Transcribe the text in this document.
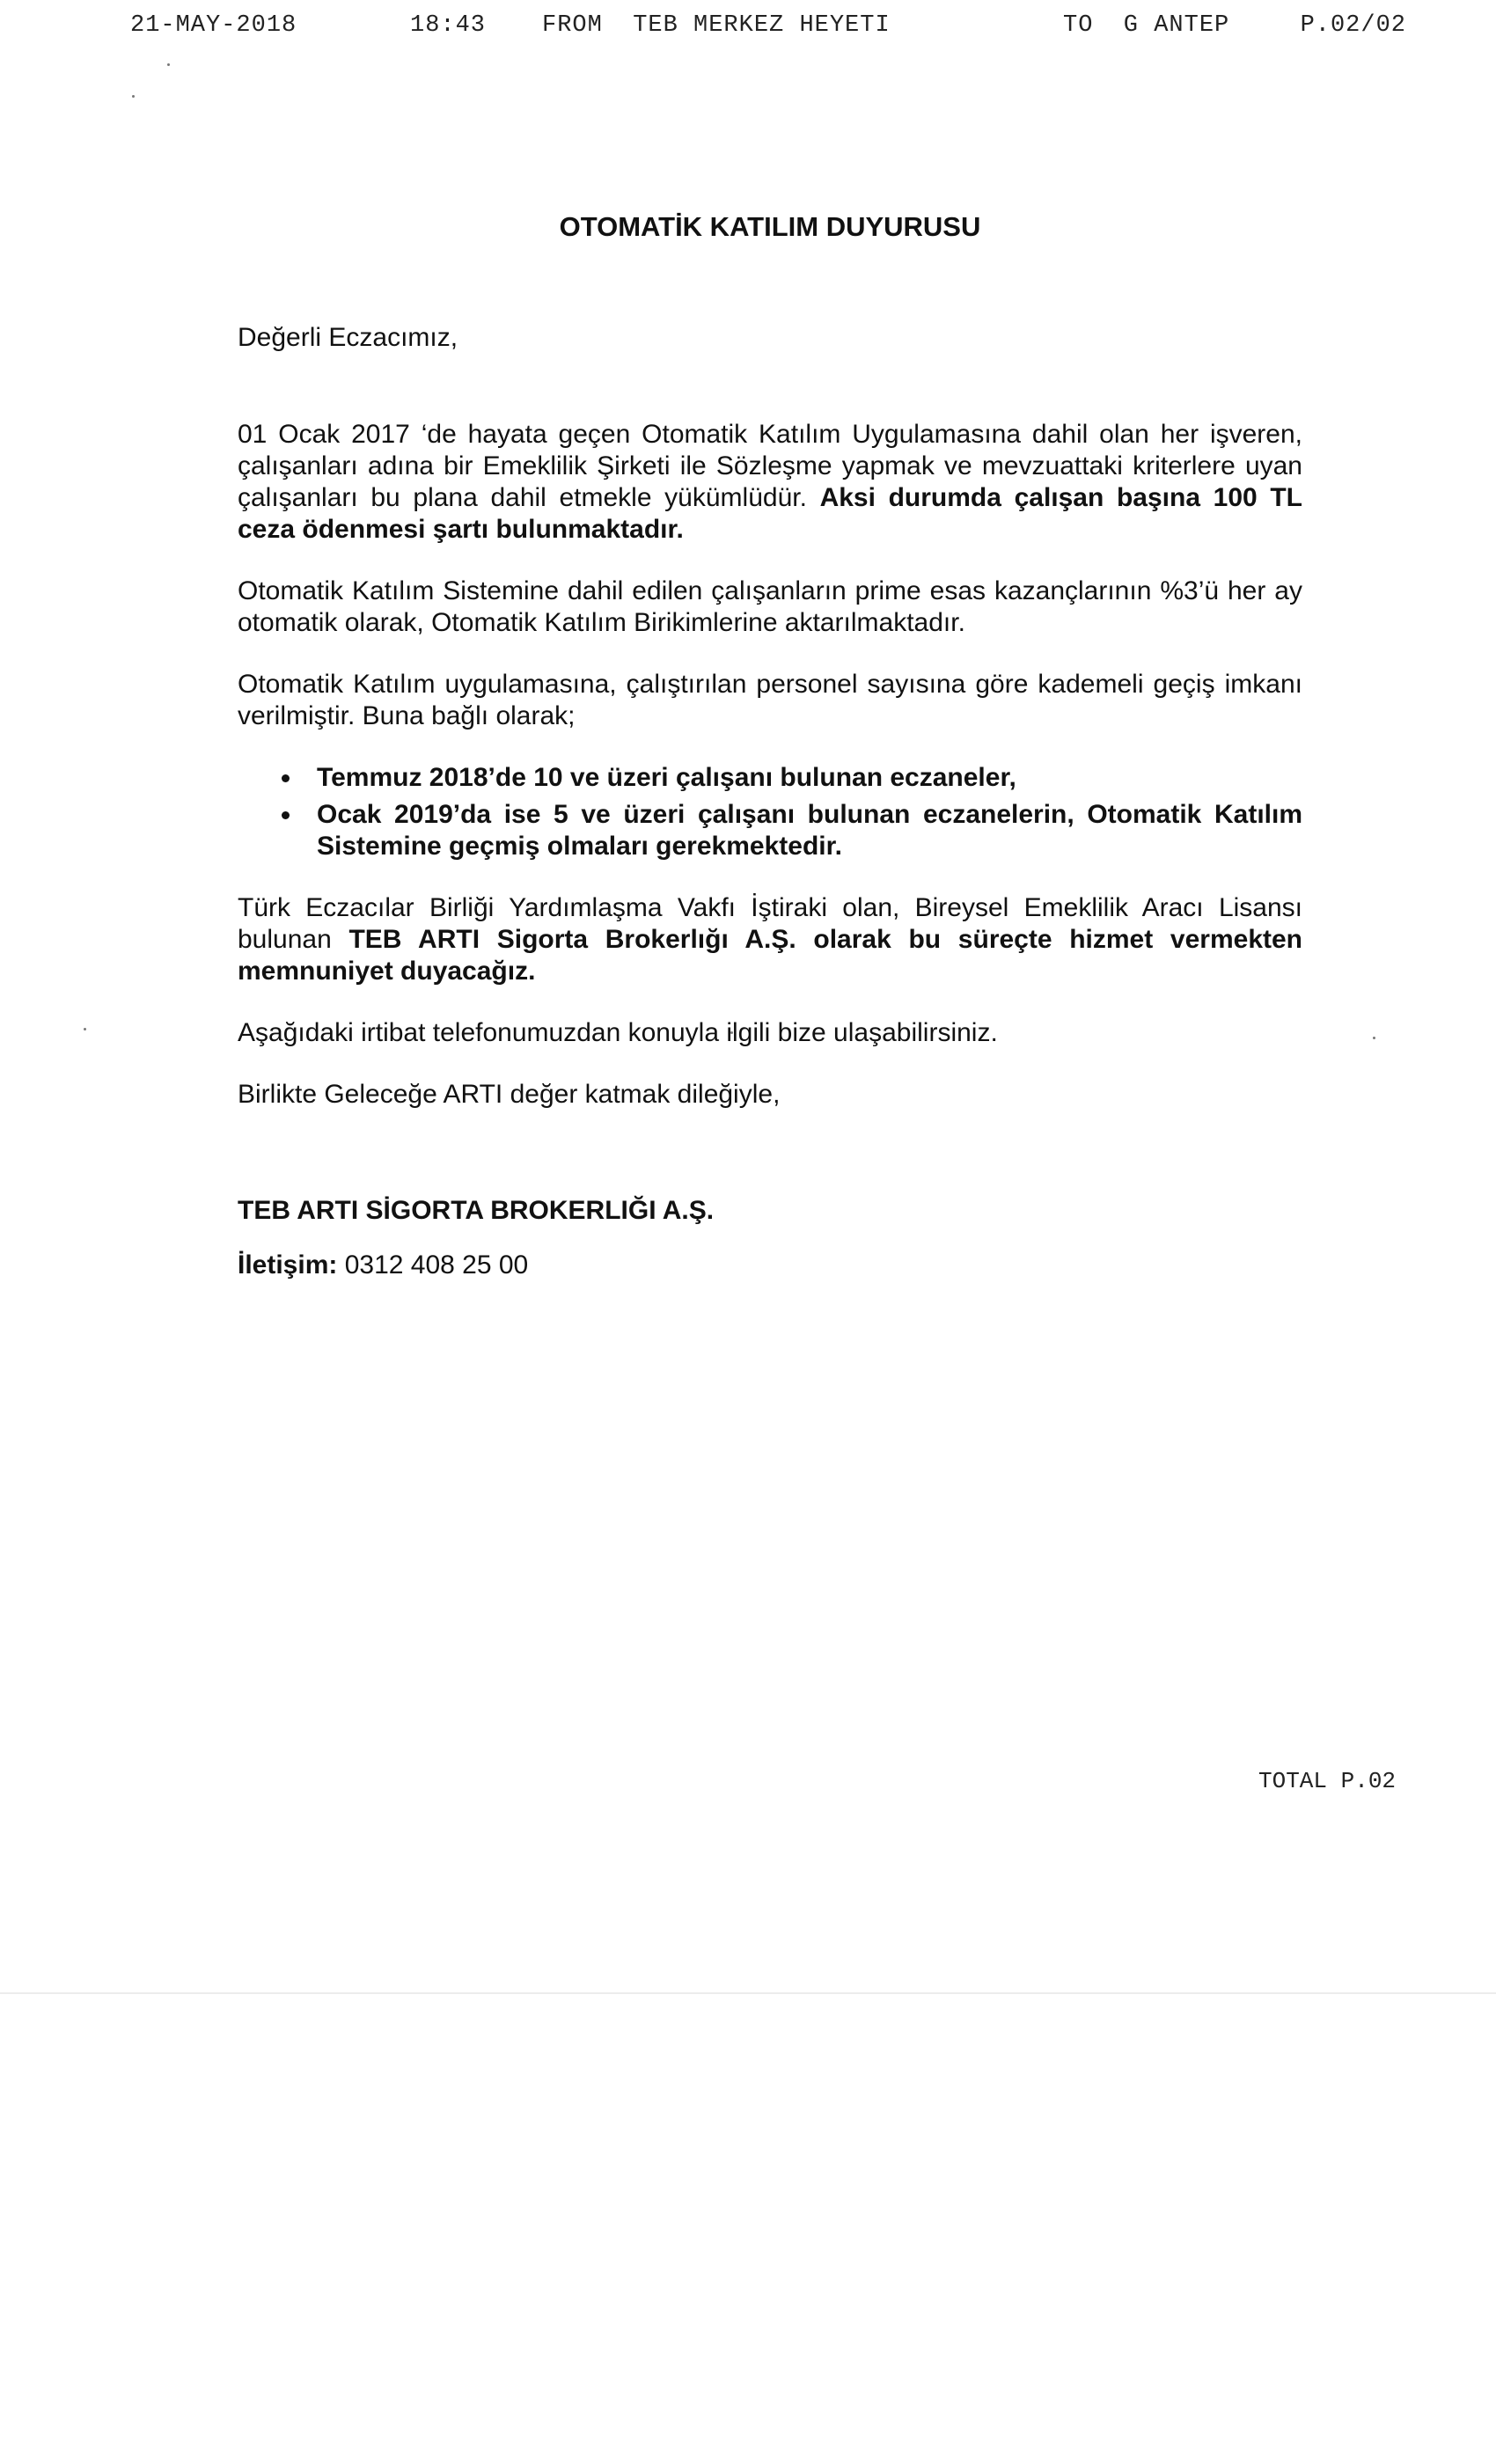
21-MAY-2018	18:43 FROM  TEB MERKEZ HEYETI	TO  G ANTEP	P.02/02
OTOMATİK KATILIM DUYURUSU
Değerli Eczacımız,

01 Ocak 2017 ‘de hayata geçen Otomatik Katılım Uygulamasına dahil olan her işveren, çalışanları adına bir Emeklilik Şirketi ile Sözleşme yapmak ve mevzuattaki kriterlere uyan çalışanları bu plana dahil etmekle yükümlüdür. Aksi durumda çalışan başına 100 TL ceza ödenmesi şartı bulunmaktadır.

Otomatik Katılım Sistemine dahil edilen çalışanların prime esas kazançlarının %3’ü her ay otomatik olarak, Otomatik Katılım Birikimlerine aktarılmaktadır.

Otomatik Katılım uygulamasına, çalıştırılan personel sayısına göre kademeli geçiş imkanı verilmiştir. Buna bağlı olarak;

Temmuz 2018’de 10 ve üzeri çalışanı bulunan eczaneler,
Ocak 2019’da ise 5 ve üzeri çalışanı bulunan eczanelerin, Otomatik Katılım Sistemine geçmiş olmaları gerekmektedir.

Türk Eczacılar Birliği Yardımlaşma Vakfı İştiraki olan, Bireysel Emeklilik Aracı Lisansı bulunan TEB ARTI Sigorta Brokerlığı A.Ş. olarak bu süreçte hizmet vermekten memnuniyet duyacağız.

Aşağıdaki irtibat telefonumuzdan konuyla ilgili bize ulaşabilirsiniz.

Birlikte Geleceğe ARTI değer katmak dileğiyle,

TEB ARTI SİGORTA BROKERLIĞI A.Ş.
İletişim: 0312 408 25 00
TOTAL P.02
